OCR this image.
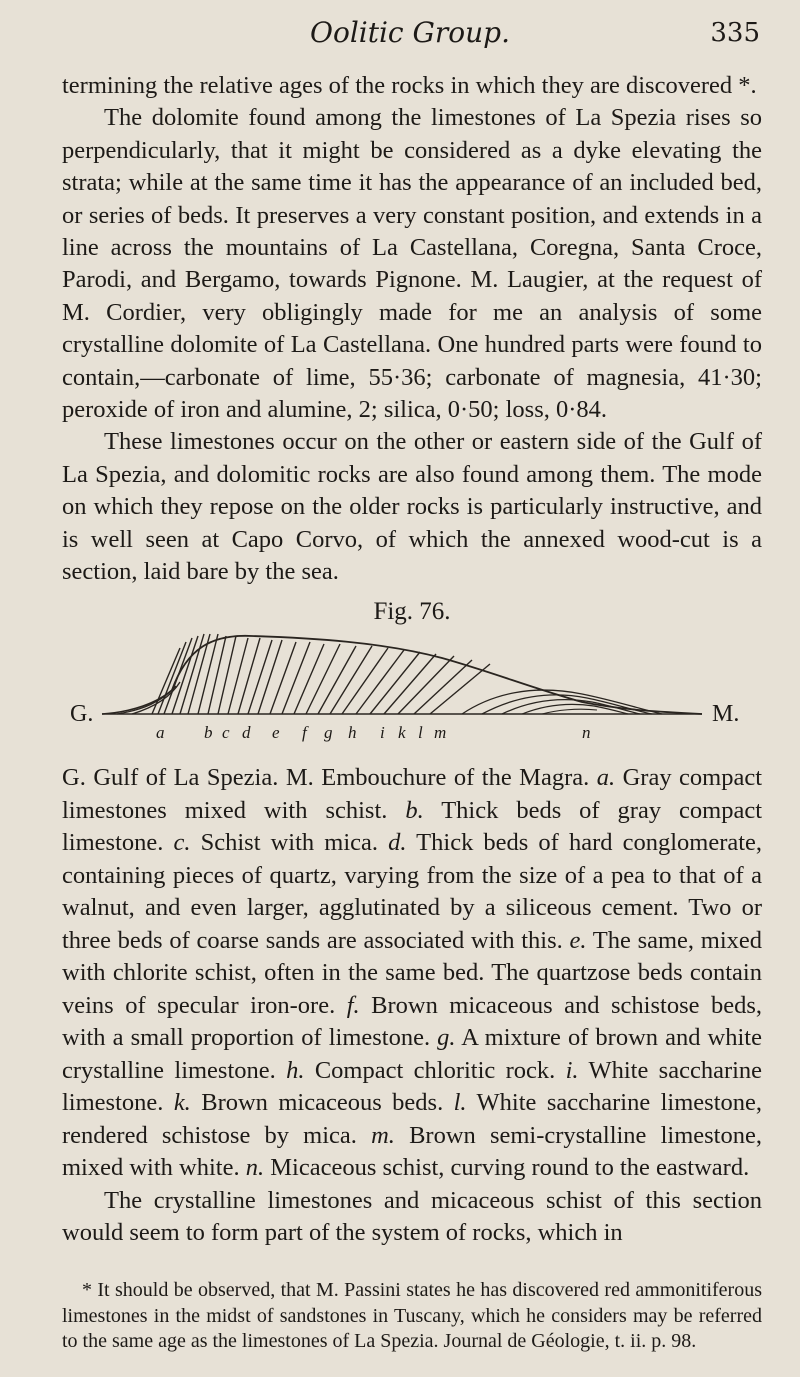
Oolitic Group.	335

termining the relative ages of the rocks in which they are discovered *.

The dolomite found among the limestones of La Spezia rises so perpendicularly, that it might be considered as a dyke elevating the strata; while at the same time it has the appearance of an included bed, or series of beds. It preserves a very constant position, and extends in a line across the mountains of La Castellana, Coregna, Santa Croce, Parodi, and Bergamo, towards Pignone. M. Laugier, at the request of M. Cordier, very obligingly made for me an analysis of some crystalline dolomite of La Castellana. One hundred parts were found to contain,—carbonate of lime, 55·36; carbonate of magnesia, 41·30; peroxide of iron and alumine, 2; silica, 0·50; loss, 0·84.

These limestones occur on the other or eastern side of the Gulf of La Spezia, and dolomitic rocks are also found among them. The mode on which they repose on the older rocks is particularly instructive, and is well seen at Capo Corvo, of which the annexed wood-cut is a section, laid bare by the sea.

Fig. 76.
G.	M.
a b c d e f g h i k l m	n

G. Gulf of La Spezia. M. Embouchure of the Magra. a. Gray compact limestones mixed with schist. b. Thick beds of gray compact limestone. c. Schist with mica. d. Thick beds of hard conglomerate, containing pieces of quartz, varying from the size of a pea to that of a walnut, and even larger, agglutinated by a siliceous cement. Two or three beds of coarse sands are associated with this. e. The same, mixed with chlorite schist, often in the same bed. The quartzose beds contain veins of specular iron-ore. f. Brown micaceous and schistose beds, with a small proportion of limestone. g. A mixture of brown and white crystalline limestone. h. Compact chloritic rock. i. White saccharine limestone. k. Brown micaceous beds. l. White saccharine limestone, rendered schistose by mica. m. Brown semi-crystalline limestone, mixed with white. n. Micaceous schist, curving round to the eastward.

The crystalline limestones and micaceous schist of this section would seem to form part of the system of rocks, which in

* It should be observed, that M. Passini states he has discovered red ammonitiferous limestones in the midst of sandstones in Tuscany, which he considers may be referred to the same age as the limestones of La Spezia. Journal de Géologie, t. ii. p. 98.
